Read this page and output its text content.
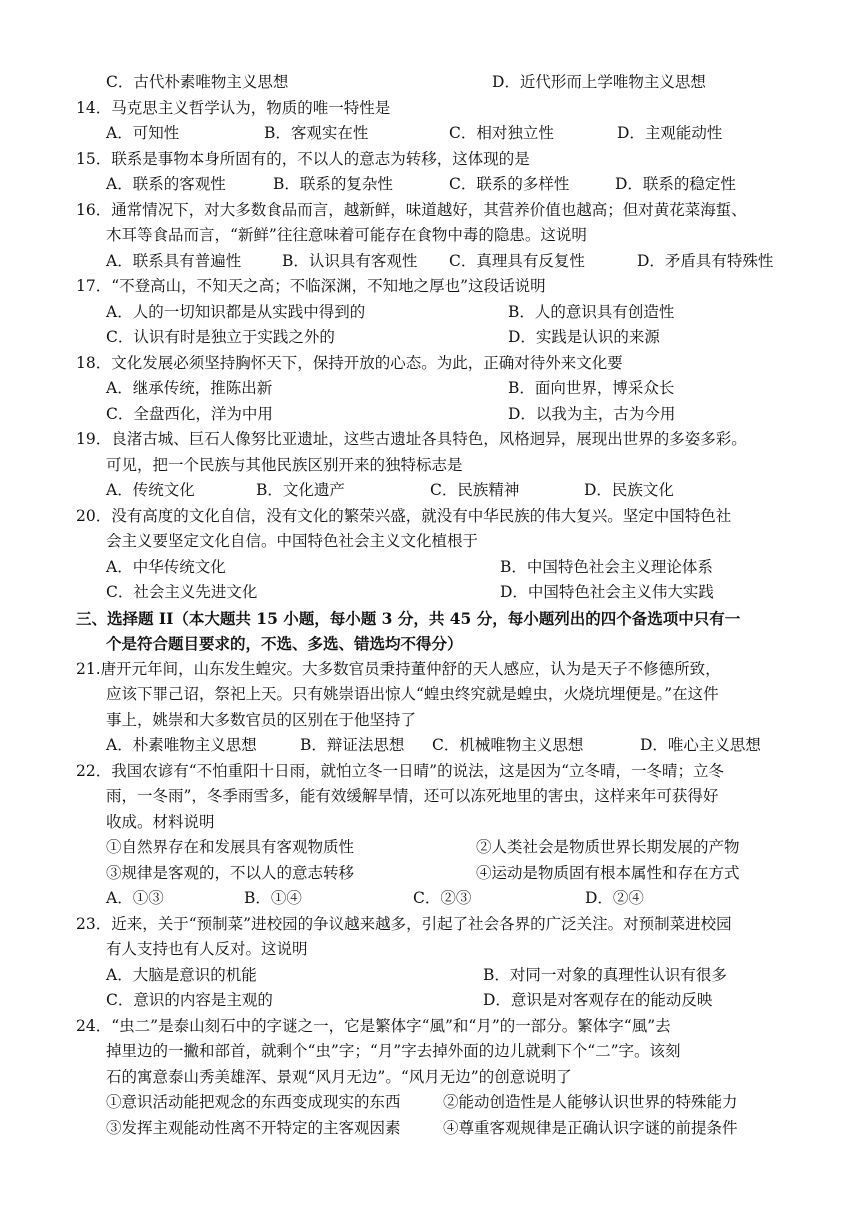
C．古代朴素唯物主义思想	D．近代形而上学唯物主义思想
14．马克思主义哲学认为，物质的唯一特性是
A．可知性	B．客观实在性	C．相对独立性	D．主观能动性
15．联系是事物本身所固有的，不以人的意志为转移，这体现的是
A．联系的客观性	B．联系的复杂性	C．联系的多样性	D．联系的稳定性
16．通常情况下，对大多数食品而言，越新鲜，味道越好，其营养价值也越高；但对黄花菜海蜇、
木耳等食品而言，“新鲜”往往意味着可能存在食物中毒的隐患。这说明
A．联系具有普遍性	B．认识具有客观性 C．真理具有反复性	D．矛盾具有特殊性
17．“不登高山，不知天之高；不临深渊，不知地之厚也”这段话说明
A．人的一切知识都是从实践中得到的	B．人的意识具有创造性
C．认识有时是独立于实践之外的	D．实践是认识的来源
18．文化发展必须坚持胸怀天下，保持开放的心态。为此，正确对待外来文化要
A．继承传统，推陈出新	B．面向世界，博采众长
C．全盘西化，洋为中用	D．以我为主，古为今用
19．良渚古城、巨石人像努比亚遗址，这些古遗址各具特色，风格迥异，展现出世界的多姿多彩。
可见，把一个民族与其他民族区别开来的独特标志是
A．传统文化	B．文化遗产	C．民族精神	D．民族文化
20．没有高度的文化自信，没有文化的繁荣兴盛，就没有中华民族的伟大复兴。坚定中国特色社
会主义要坚定文化自信。中国特色社会主义文化植根于
A．中华传统文化	B．中国特色社会主义理论体系
C．社会主义先进文化	D．中国特色社会主义伟大实践
三、选择题 II（本大题共 15 小题，每小题 3 分，共 45 分，每小题列出的四个备选项中只有一
个是符合题目要求的，不选、多选、错选均不得分）
21.唐开元年间，山东发生蝗灾。大多数官员秉持董仲舒的天人感应，认为是天子不修德所致，
应该下罪己诏，祭祀上天。只有姚崇语出惊人“蝗虫终究就是蝗虫，火烧坑埋便是。”在这件
事上，姚崇和大多数官员的区别在于他坚持了
A．朴素唯物主义思想	B．辩证法思想 C．机械唯物主义思想	D．唯心主义思想
22．我国农谚有“不怕重阳十日雨，就怕立冬一日晴”的说法，这是因为“立冬晴，一冬晴；立冬
雨，一冬雨”，冬季雨雪多，能有效缓解旱情，还可以冻死地里的害虫，这样来年可获得好
收成。材料说明
①自然界存在和发展具有客观物质性	②人类社会是物质世界长期发展的产物
③规律是客观的，不以人的意志转移	④运动是物质固有根本属性和存在方式
A．①③	B．①④	C．②③	D．②④
23．近来，关于“预制菜”进校园的争议越来越多，引起了社会各界的广泛关注。对预制菜进校园
有人支持也有人反对。这说明
A．大脑是意识的机能	B．对同一对象的真理性认识有很多
C．意识的内容是主观的	D．意识是对客观存在的能动反映
24．“虫二”是泰山刻石中的字谜之一，它是繁体字“風”和“月”的一部分。繁体字“風”去
掉里边的一撇和部首，就剩个“虫”字；“月”字去掉外面的边儿就剩下个“二”字。该刻
石的寓意泰山秀美雄浑、景观“风月无边”。“风月无边”的创意说明了
①意识活动能把观念的东西变成现实的东西	②能动创造性是人能够认识世界的特殊能力
③发挥主观能动性离不开特定的主客观因素	④尊重客观规律是正确认识字谜的前提条件
